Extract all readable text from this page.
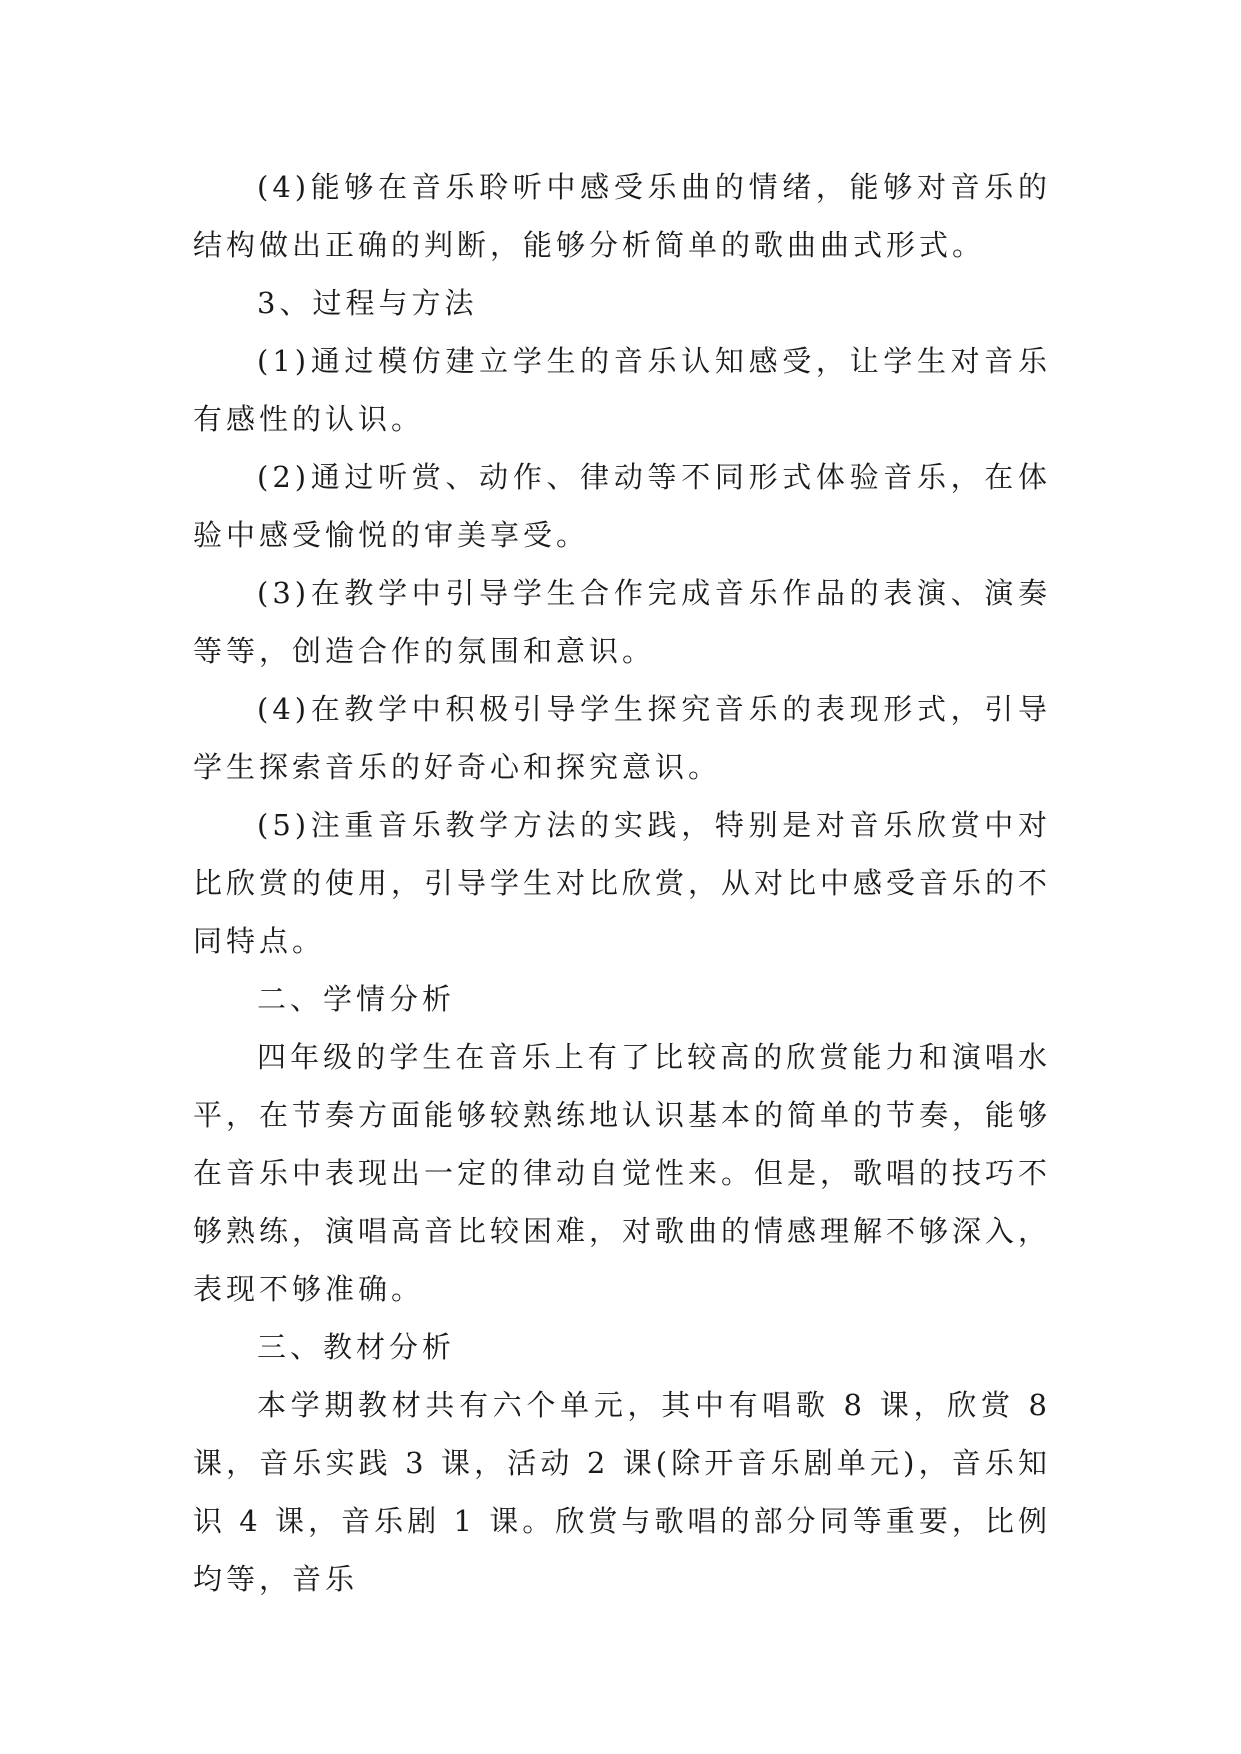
(4)能够在音乐聆听中感受乐曲的情绪，能够对音乐的结构做出正确的判断，能够分析简单的歌曲曲式形式。

3、过程与方法

(1)通过模仿建立学生的音乐认知感受，让学生对音乐有感性的认识。

(2)通过听赏、动作、律动等不同形式体验音乐，在体验中感受愉悦的审美享受。

(3)在教学中引导学生合作完成音乐作品的表演、演奏等等，创造合作的氛围和意识。

(4)在教学中积极引导学生探究音乐的表现形式，引导学生探索音乐的好奇心和探究意识。

(5)注重音乐教学方法的实践，特别是对音乐欣赏中对比欣赏的使用，引导学生对比欣赏，从对比中感受音乐的不同特点。

二、学情分析

四年级的学生在音乐上有了比较高的欣赏能力和演唱水平，在节奏方面能够较熟练地认识基本的简单的节奏，能够在音乐中表现出一定的律动自觉性来。但是，歌唱的技巧不够熟练，演唱高音比较困难，对歌曲的情感理解不够深入，表现不够准确。

三、教材分析

本学期教材共有六个单元，其中有唱歌 8 课，欣赏 8 课，音乐实践 3 课，活动 2 课(除开音乐剧单元)，音乐知识 4 课，音乐剧 1 课。欣赏与歌唱的部分同等重要，比例均等，音乐
